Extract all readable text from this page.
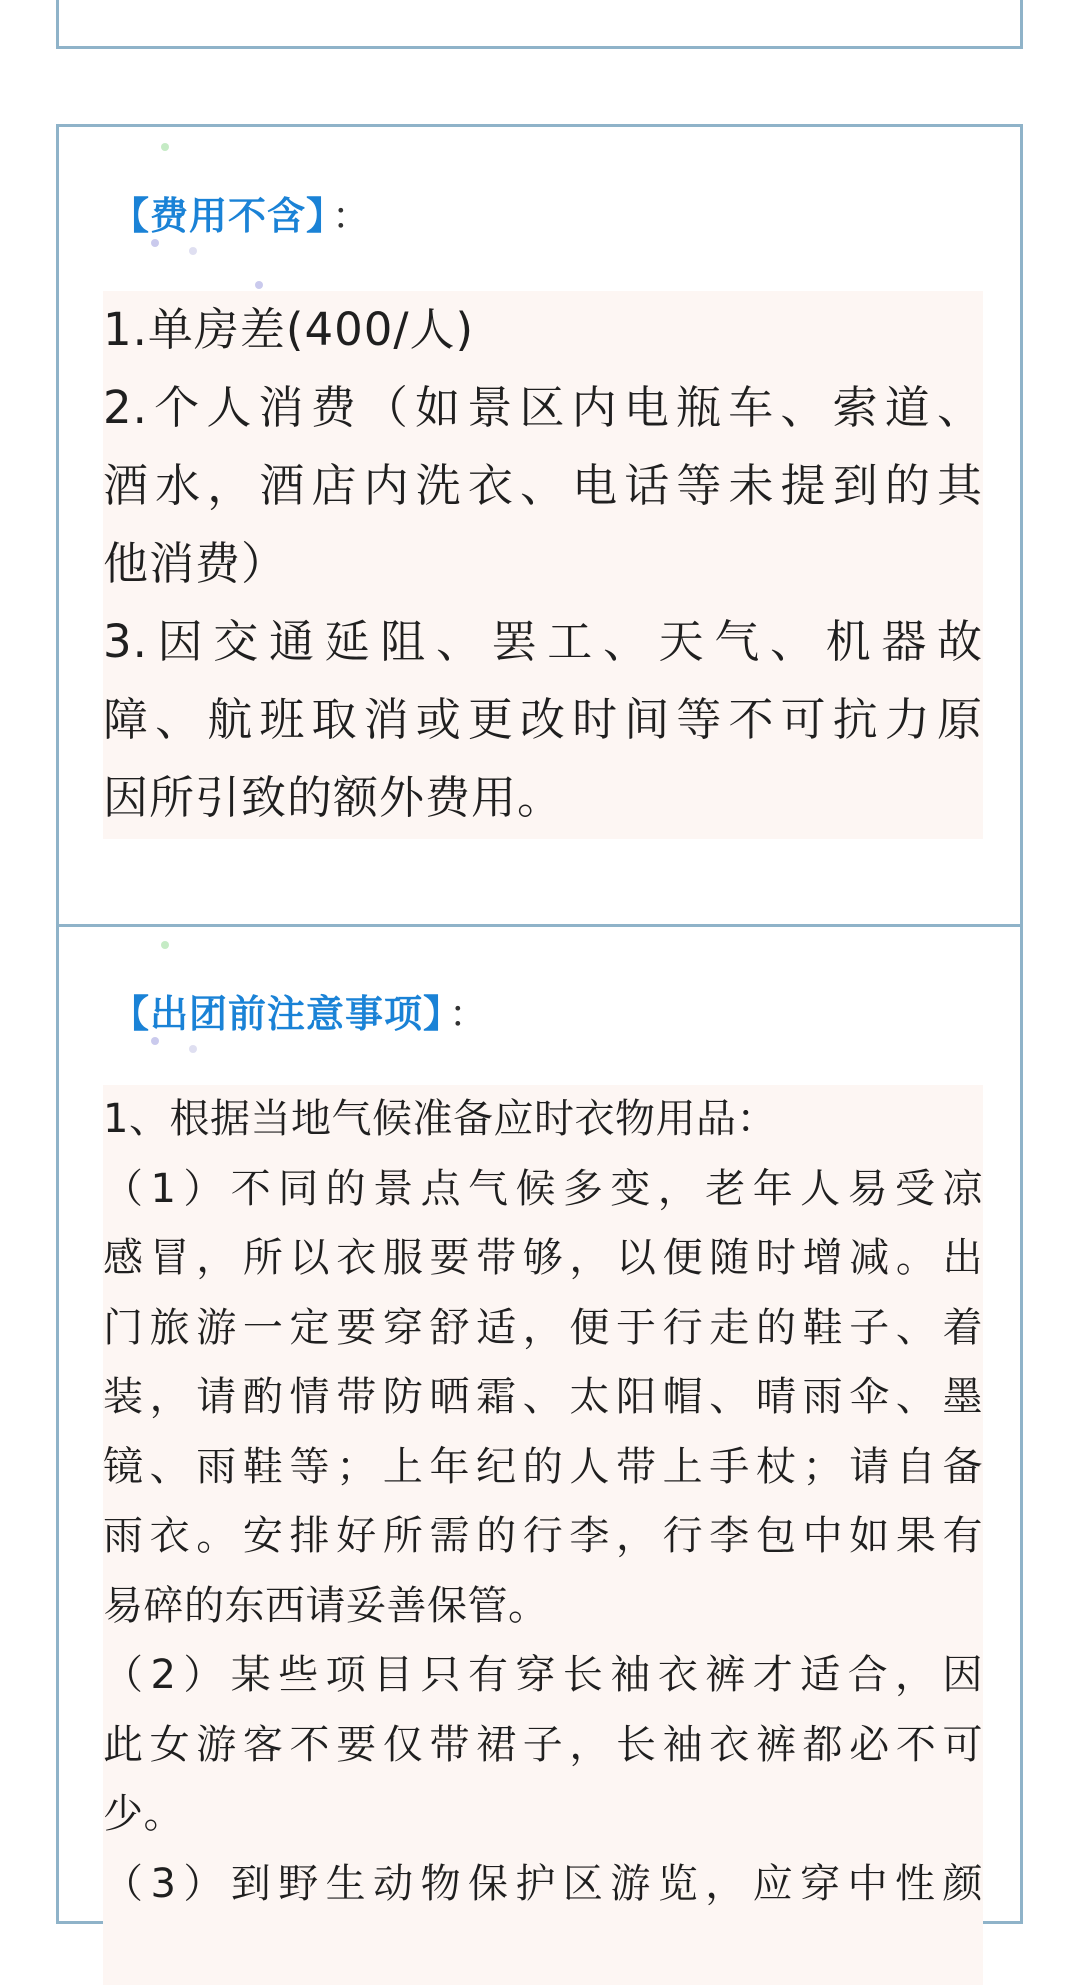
【费用不含】 ：
1.单房差(400/人)
2.个人消费（如景区内电瓶车、索道、
酒水，酒店内洗衣、电话等未提到的其
他消费）
3.因交通延阻、罢工、天气、机器故
障、航班取消或更改时间等不可抗力原
因所引致的额外费用。
【出团前注意事项】 ：
1、根据当地气候准备应时衣物用品：
（1）不同的景点气候多变，老年人易受凉
感冒，所以衣服要带够，以便随时增减。出
门旅游一定要穿舒适，便于行走的鞋子、着
装，请酌情带防晒霜、太阳帽、晴雨伞、墨
镜、雨鞋等；上年纪的人带上手杖；请自备
雨衣。安排好所需的行李，行李包中如果有
易碎的东西请妥善保管。
（2）某些项目只有穿长袖衣裤才适合，因
此女游客不要仅带裙子，长袖衣裤都必不可
少。
（3）到野生动物保护区游览，应穿中性颜
